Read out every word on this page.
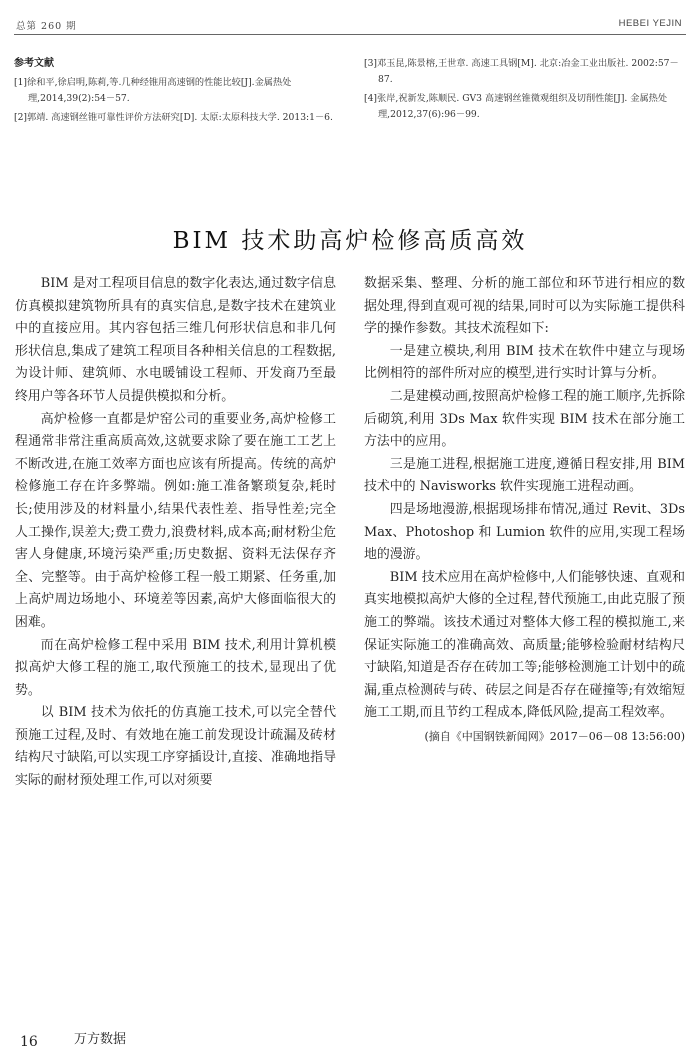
总第 260 期	HEBEI YEJIN
参考文献
[1]徐和平,徐启明,陈莉,等.几种经锥用高速钢的性能比较[J].金属热处理,2014,39(2):54－57.
[2]郭靖. 高速钢丝锥可靠性评价方法研究[D]. 太原:太原科技大学. 2013:1－6.
[3]邓玉昆,陈景榕,王世章. 高速工具钢[M]. 北京:冶金工业出版社. 2002:57－87.
[4]张岸,祝新发,陈顺民. GV3 高速钢丝锥微观组织及切削性能[J]. 金属热处理,2012,37(6):96－99.
BIM 技术助高炉检修高质高效

BIM 是对工程项目信息的数字化表达,通过数字信息仿真模拟建筑物所具有的真实信息,是数字技术在建筑业中的直接应用。其内容包括三维几何形状信息和非几何形状信息,集成了建筑工程项目各种相关信息的工程数据,为设计师、建筑师、水电暖铺设工程师、开发商乃至最终用户等各环节人员提供模拟和分析。

高炉检修一直都是炉窑公司的重要业务,高炉检修工程通常非常注重高质高效,这就要求除了要在施工工艺上不断改进,在施工效率方面也应该有所提高。传统的高炉检修施工存在许多弊端。例如:施工准备繁琐复杂,耗时长;使用涉及的材料量小,结果代表性差、指导性差;完全人工操作,误差大;费工费力,浪费材料,成本高;耐材粉尘危害人身健康,环境污染严重;历史数据、资料无法保存齐全、完整等。由于高炉检修工程一般工期紧、任务重,加上高炉周边场地小、环境差等因素,高炉大修面临很大的困难。

而在高炉检修工程中采用 BIM 技术,利用计算机模拟高炉大修工程的施工,取代预施工的技术,显现出了优势。

以 BIM 技术为依托的仿真施工技术,可以完全替代预施工过程,及时、有效地在施工前发现设计疏漏及砖材结构尺寸缺陷,可以实现工序穿插设计,直接、准确地指导实际的耐材预处理工作,可以对须要

数据采集、整理、分析的施工部位和环节进行相应的数据处理,得到直观可视的结果,同时可以为实际施工提供科学的操作参数。其技术流程如下:

一是建立模块,利用 BIM 技术在软件中建立与现场比例相符的部件所对应的模型,进行实时计算与分析。

二是建模动画,按照高炉检修工程的施工顺序,先拆除后砌筑,利用 3Ds Max 软件实现 BIM 技术在部分施工方法中的应用。

三是施工进程,根据施工进度,遵循日程安排,用 BIM 技术中的 Navisworks 软件实现施工进程动画。

四是场地漫游,根据现场排布情况,通过 Revit、3Ds Max、Photoshop 和 Lumion 软件的应用,实现工程场地的漫游。

BIM 技术应用在高炉检修中,人们能够快速、直观和真实地模拟高炉大修的全过程,替代预施工,由此克服了预施工的弊端。该技术通过对整体大修工程的模拟施工,来保证实际施工的准确高效、高质量;能够检验耐材结构尺寸缺陷,知道是否存在砖加工等;能够检测施工计划中的疏漏,重点检测砖与砖、砖层之间是否存在碰撞等;有效缩短施工工期,而且节约工程成本,降低风险,提高工程效率。

(摘自《中国钢铁新闻网》2017－06－08 13:56:00)
16	万方数据
